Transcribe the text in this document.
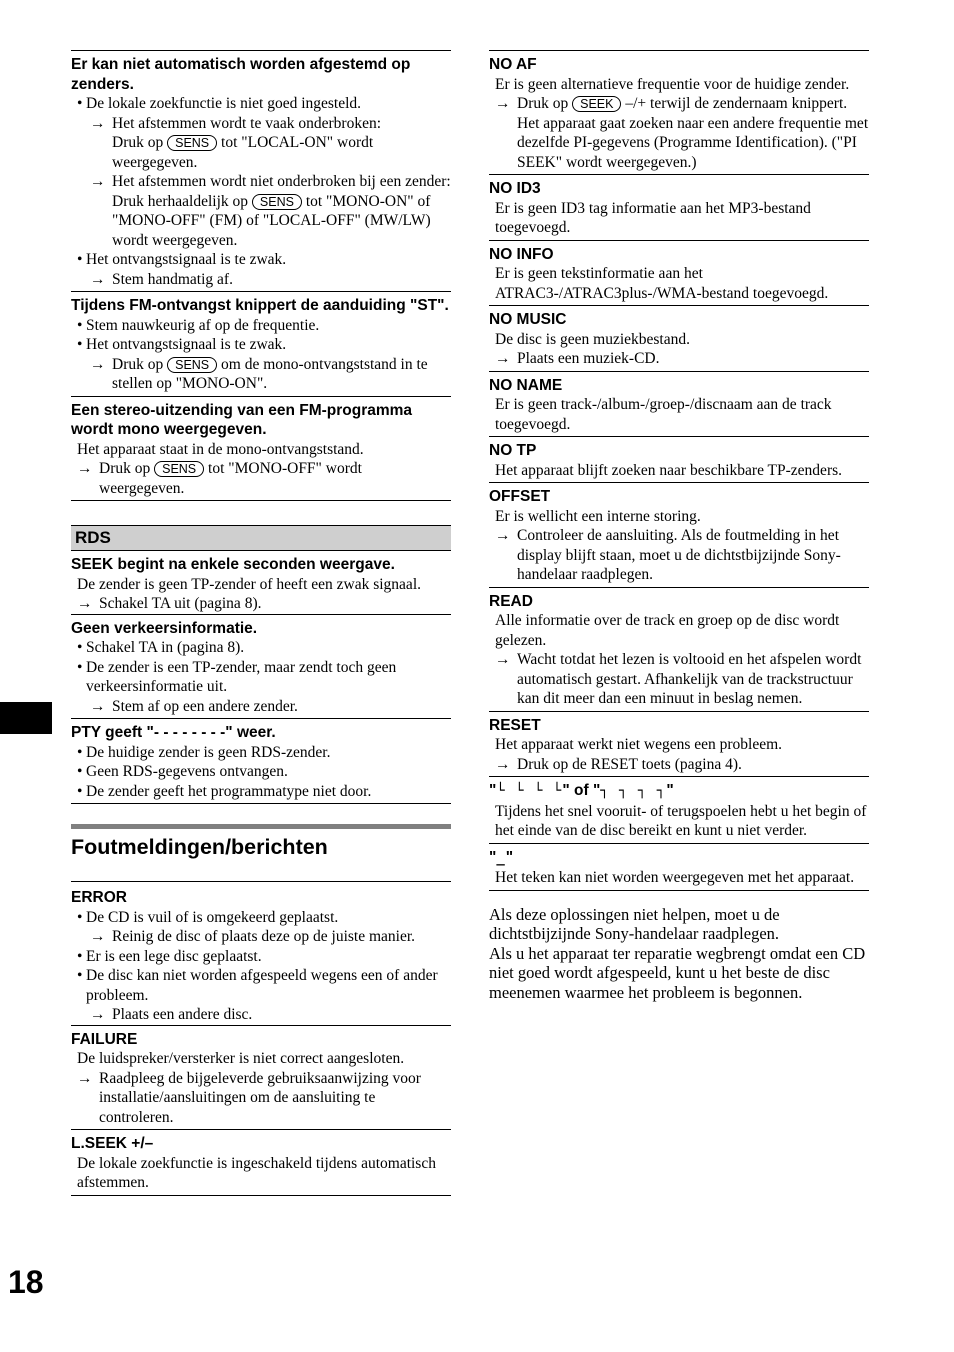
Er kan niet automatisch worden afgestemd op zenders.
• De lokale zoekfunctie is niet goed ingesteld.
→ Het afstemmen wordt te vaak onderbroken:
Druk op SENS tot "LOCAL-ON" wordt weergegeven.
→ Het afstemmen wordt niet onderbroken bij een zender:
Druk herhaaldelijk op SENS tot "MONO-ON" of "MONO-OFF" (FM) of "LOCAL-OFF" (MW/LW) wordt weergegeven.
• Het ontvangstsignaal is te zwak.
→ Stem handmatig af.
Tijdens FM-ontvangst knippert de aanduiding "ST".
• Stem nauwkeurig af op de frequentie.
• Het ontvangstsignaal is te zwak.
→ Druk op SENS om de mono-ontvangststand in te stellen op "MONO-ON".
Een stereo-uitzending van een FM-programma wordt mono weergegeven.
Het apparaat staat in de mono-ontvangststand.
→ Druk op SENS tot "MONO-OFF" wordt weergegeven.
RDS
SEEK begint na enkele seconden weergave.
De zender is geen TP-zender of heeft een zwak signaal.
→ Schakel TA uit (pagina 8).
Geen verkeersinformatie.
• Schakel TA in (pagina 8).
• De zender is een TP-zender, maar zendt toch geen verkeersinformatie uit.
→ Stem af op een andere zender.
PTY geeft "- - - - - - - -" weer.
• De huidige zender is geen RDS-zender.
• Geen RDS-gegevens ontvangen.
• De zender geeft het programmatype niet door.
Foutmeldingen/berichten
ERROR
• De CD is vuil of is omgekeerd geplaatst.
→ Reinig de disc of plaats deze op de juiste manier.
• Er is een lege disc geplaatst.
• De disc kan niet worden afgespeeld wegens een of ander probleem.
→ Plaats een andere disc.
FAILURE
De luidspreker/versterker is niet correct aangesloten.
→ Raadpleeg de bijgeleverde gebruiksaanwijzing voor installatie/aansluitingen om de aansluiting te controleren.
L.SEEK +/–
De lokale zoekfunctie is ingeschakeld tijdens automatisch afstemmen.
NO AF
Er is geen alternatieve frequentie voor de huidige zender.
→ Druk op SEEK –/+ terwijl de zendernaam knippert. Het apparaat gaat zoeken naar een andere frequentie met dezelfde PI-gegevens (Programme Identification). ("PI SEEK" wordt weergegeven.)
NO ID3
Er is geen ID3 tag informatie aan het MP3-bestand toegevoegd.
NO INFO
Er is geen tekstinformatie aan het ATRAC3-/ATRAC3plus-/WMA-bestand toegevoegd.
NO MUSIC
De disc is geen muziekbestand.
→ Plaats een muziek-CD.
NO NAME
Er is geen track-/album-/groep-/discnaam aan de track toegevoegd.
NO TP
Het apparaat blijft zoeken naar beschikbare TP-zenders.
OFFSET
Er is wellicht een interne storing.
→ Controleer de aansluiting. Als de foutmelding in het display blijft staan, moet u de dichtstbijzijnde Sony-handelaar raadplegen.
READ
Alle informatie over de track en groep op de disc wordt gelezen.
→ Wacht totdat het lezen is voltooid en het afspelen wordt automatisch gestart. Afhankelijk van de trackstructuur kan dit meer dan een minuut in beslag nemen.
RESET
Het apparaat werkt niet wegens een probleem.
→ Druk op de RESET toets (pagina 4).
"└ └ └ └" of "┐ ┐ ┐ ┐"
Tijdens het snel vooruit- of terugspoelen hebt u het begin of het einde van de disc bereikt en kunt u niet verder.
"_"
Het teken kan niet worden weergegeven met het apparaat.
Als deze oplossingen niet helpen, moet u de dichtstbijzijnde Sony-handelaar raadplegen.
Als u het apparaat ter reparatie wegbrengt omdat een CD niet goed wordt afgespeeld, kunt u het beste de disc meenemen waarmee het probleem is begonnen.
18
